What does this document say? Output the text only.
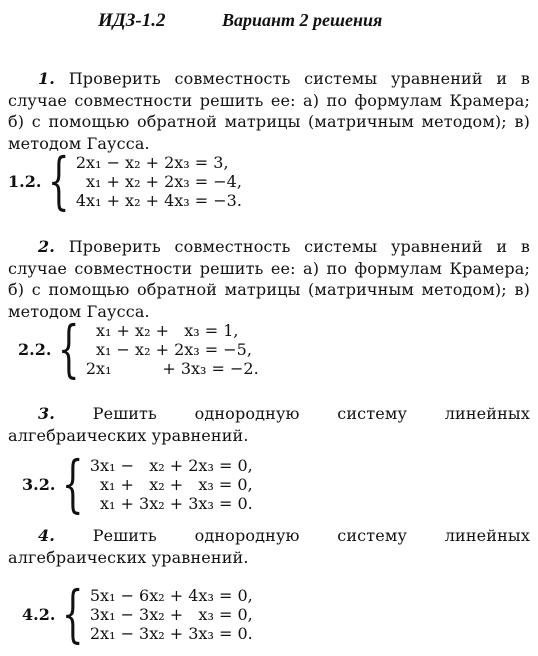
ИДЗ-1.2	Вариант 2 решения

1. Проверить совместность системы уравнений и в случае совместности решить ее: а) по формулам Крамера; б) с помощью обратной матрицы (матричным методом); в) методом Гаусса.

1.2. { 2x₁ − x₂ + 2x₃ = 3,
x₁ + x₂ + 2x₃ = −4,
4x₁ + x₂ + 4x₃ = −3.

2. Проверить совместность системы уравнений и в случае совместности решить ее: а) по формулам Крамера; б) с помощью обратной матрицы (матричным методом); в) методом Гаусса.

2.2. { x₁ + x₂ +   x₃ = 1,
x₁ − x₂ + 2x₃ = −5,
2x₁          + 3x₃ = −2.

3. Решить однородную систему линейных алгебраических уравнений.

3.2. { 3x₁ −   x₂ + 2x₃ = 0,
x₁ +   x₂ +   x₃ = 0,
x₁ + 3x₂ + 3x₃ = 0.

4. Решить однородную систему линейных алгебраических уравнений.

4.2. { 5x₁ − 6x₂ + 4x₃ = 0,
3x₁ − 3x₂ +   x₃ = 0,
2x₁ − 3x₂ + 3x₃ = 0.
